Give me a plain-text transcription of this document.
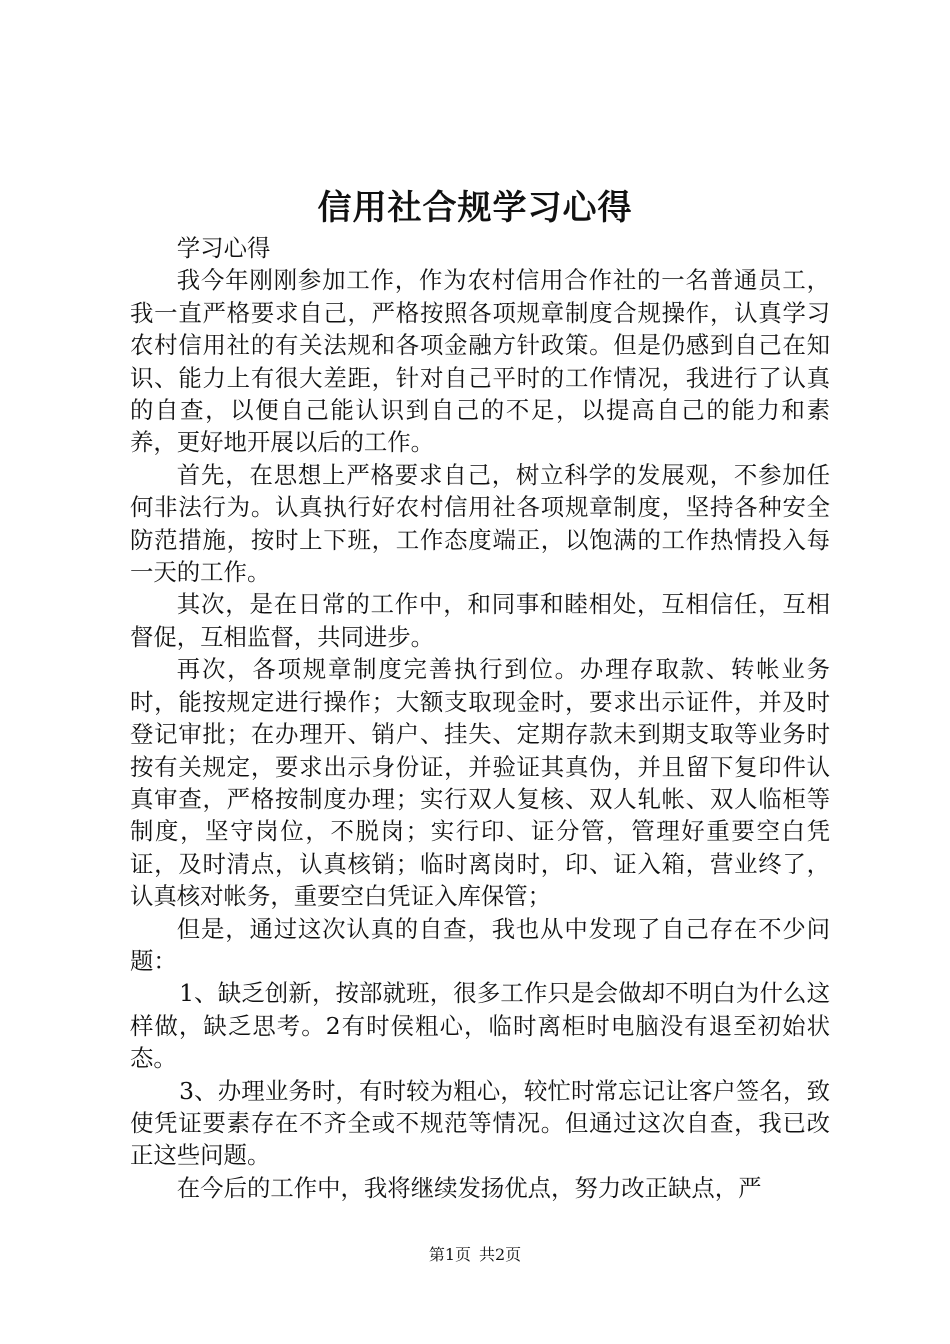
信用社合规学习心得

学习心得

我今年刚刚参加工作，作为农村信用合作社的一名普通员工，我一直严格要求自己，严格按照各项规章制度合规操作，认真学习农村信用社的有关法规和各项金融方针政策。但是仍感到自己在知识、能力上有很大差距，针对自己平时的工作情况，我进行了认真的自查，以便自己能认识到自己的不足，以提高自己的能力和素养，更好地开展以后的工作。

首先，在思想上严格要求自己，树立科学的发展观，不参加任何非法行为。认真执行好农村信用社各项规章制度，坚持各种安全防范措施，按时上下班，工作态度端正，以饱满的工作热情投入每一天的工作。

其次，是在日常的工作中，和同事和睦相处，互相信任，互相督促，互相监督，共同进步。

再次，各项规章制度完善执行到位。办理存取款、转帐业务时，能按规定进行操作；大额支取现金时，要求出示证件，并及时登记审批；在办理开、销户、挂失、定期存款未到期支取等业务时按有关规定，要求出示身份证，并验证其真伪，并且留下复印件认真审查，严格按制度办理；实行双人复核、双人轧帐、双人临柜等制度，坚守岗位，不脱岗；实行印、证分管，管理好重要空白凭证，及时清点，认真核销；临时离岗时，印、证入箱，营业终了，认真核对帐务，重要空白凭证入库保管；

但是，通过这次认真的自查，我也从中发现了自己存在不少问题：

1、缺乏创新，按部就班，很多工作只是会做却不明白为什么这样做，缺乏思考。2有时侯粗心，临时离柜时电脑没有退至初始状态。

3、办理业务时，有时较为粗心，较忙时常忘记让客户签名，致使凭证要素存在不齐全或不规范等情况。但通过这次自查，我已改正这些问题。

在今后的工作中，我将继续发扬优点，努力改正缺点，严

第1页 共2页
